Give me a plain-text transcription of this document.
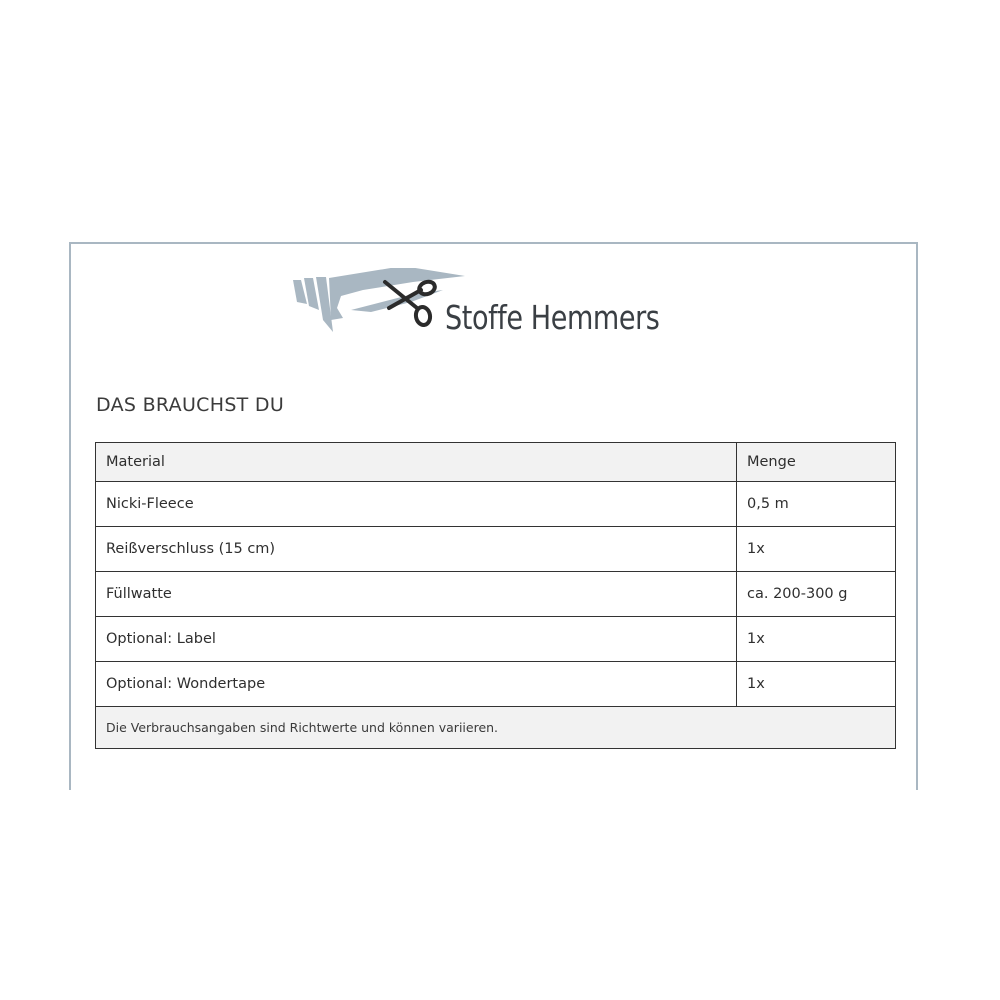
Stoffe Hemmers
DAS BRAUCHST DU
Material	Menge
Nicki-Fleece	0,5 m
Reißverschluss (15 cm)	1x
Füllwatte	ca. 200-300 g
Optional: Label	1x
Optional: Wondertape	1x
Die Verbrauchsangaben sind Richtwerte und können variieren.	
